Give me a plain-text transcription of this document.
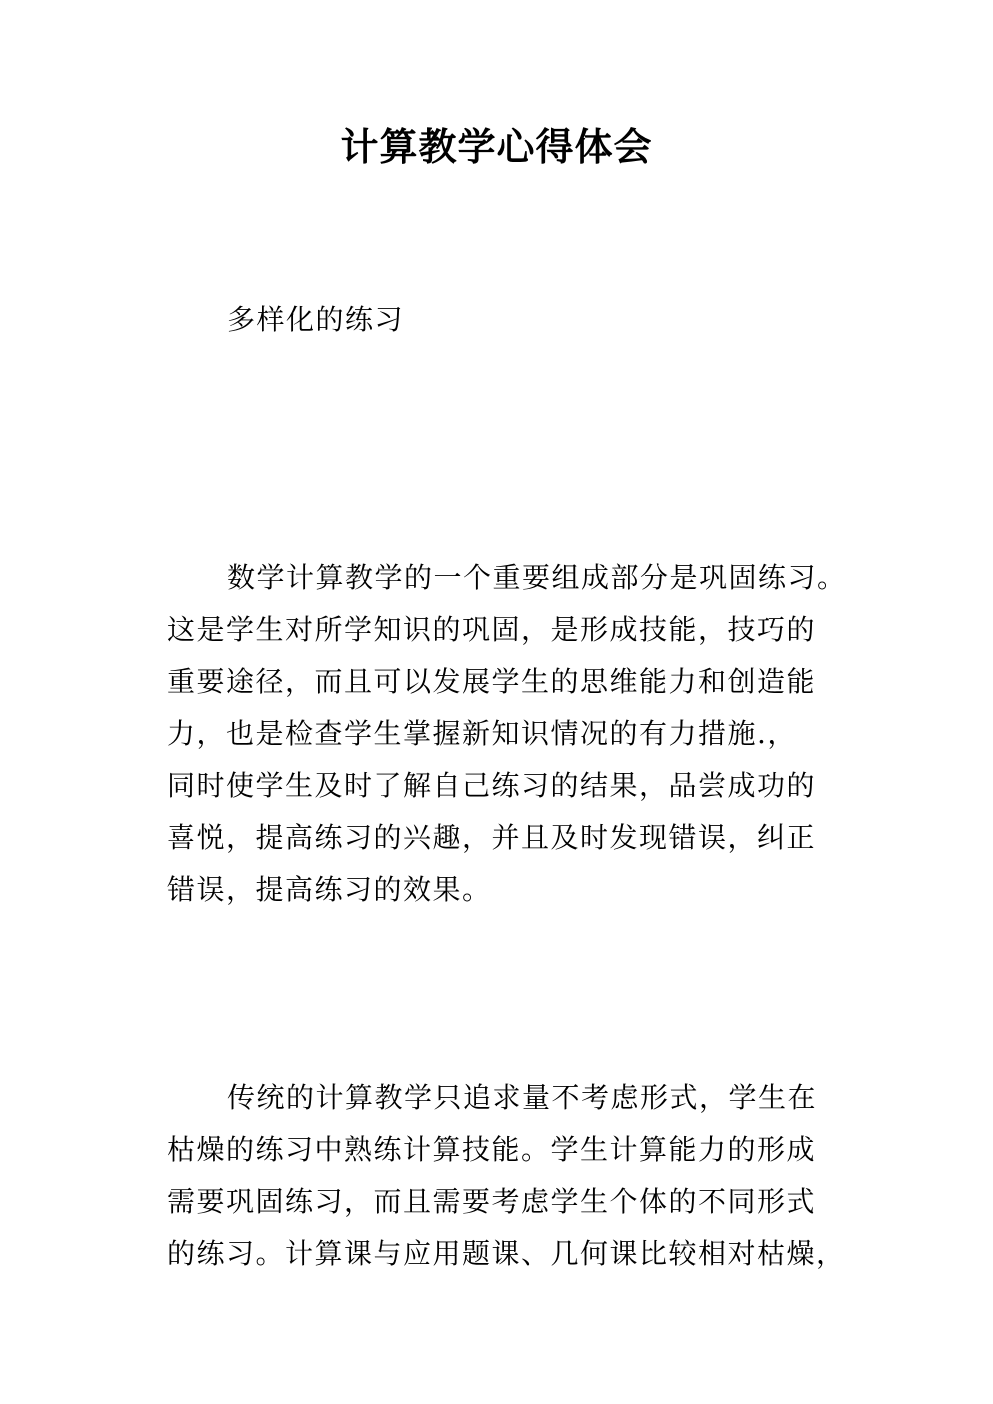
计算教学心得体会
多样化的练习
数学计算教学的一个重要组成部分是巩固练习。
这是学生对所学知识的巩固，是形成技能，技巧的
重要途径，而且可以发展学生的思维能力和创造能
力，也是检查学生掌握新知识情况的有力措施.，
同时使学生及时了解自己练习的结果，品尝成功的
喜悦，提高练习的兴趣，并且及时发现错误，纠正
错误，提高练习的效果。
传统的计算教学只追求量不考虑形式，学生在
枯燥的练习中熟练计算技能。学生计算能力的形成
需要巩固练习，而且需要考虑学生个体的不同形式
的练习。计算课与应用题课、几何课比较相对枯燥，
